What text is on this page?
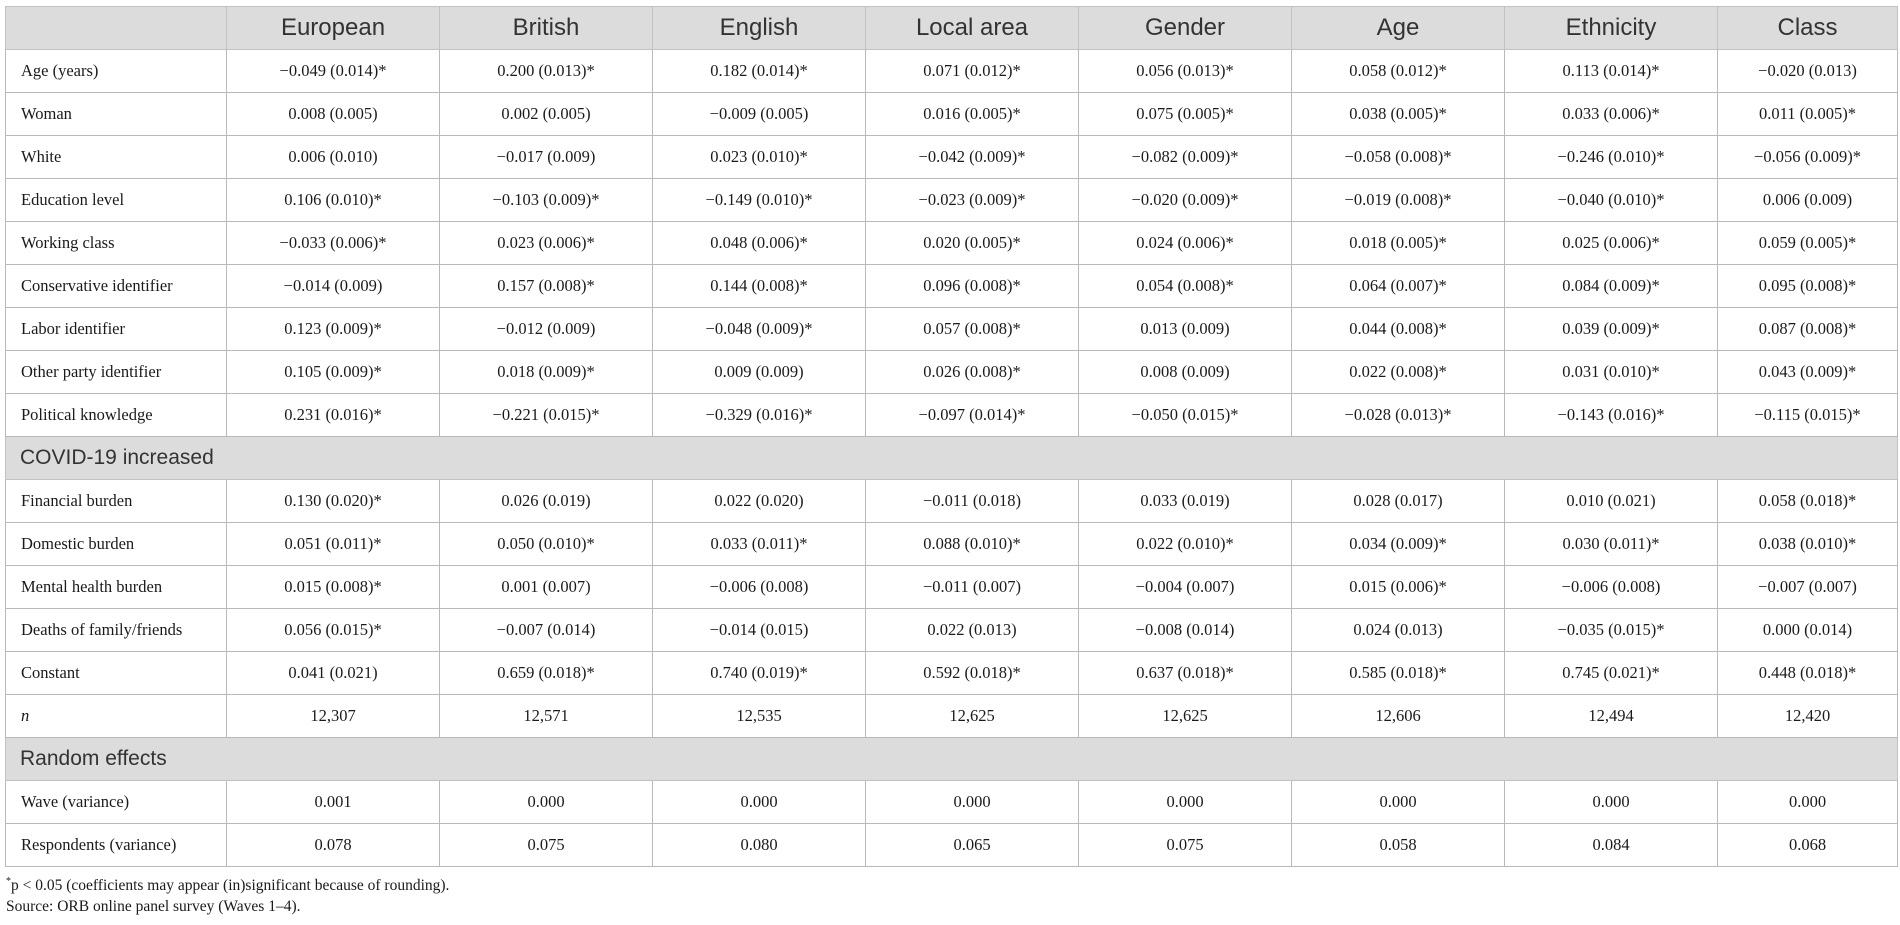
	European	British	English	Local area	Gender	Age	Ethnicity	Class
Age (years)	−0.049 (0.014)*	0.200 (0.013)*	0.182 (0.014)*	0.071 (0.012)*	0.056 (0.013)*	0.058 (0.012)*	0.113 (0.014)*	−0.020 (0.013)
Woman	0.008 (0.005)	0.002 (0.005)	−0.009 (0.005)	0.016 (0.005)*	0.075 (0.005)*	0.038 (0.005)*	0.033 (0.006)*	0.011 (0.005)*
White	0.006 (0.010)	−0.017 (0.009)	0.023 (0.010)*	−0.042 (0.009)*	−0.082 (0.009)*	−0.058 (0.008)*	−0.246 (0.010)*	−0.056 (0.009)*
Education level	0.106 (0.010)*	−0.103 (0.009)*	−0.149 (0.010)*	−0.023 (0.009)*	−0.020 (0.009)*	−0.019 (0.008)*	−0.040 (0.010)*	0.006 (0.009)
Working class	−0.033 (0.006)*	0.023 (0.006)*	0.048 (0.006)*	0.020 (0.005)*	0.024 (0.006)*	0.018 (0.005)*	0.025 (0.006)*	0.059 (0.005)*
Conservative identifier	−0.014 (0.009)	0.157 (0.008)*	0.144 (0.008)*	0.096 (0.008)*	0.054 (0.008)*	0.064 (0.007)*	0.084 (0.009)*	0.095 (0.008)*
Labor identifier	0.123 (0.009)*	−0.012 (0.009)	−0.048 (0.009)*	0.057 (0.008)*	0.013 (0.009)	0.044 (0.008)*	0.039 (0.009)*	0.087 (0.008)*
Other party identifier	0.105 (0.009)*	0.018 (0.009)*	0.009 (0.009)	0.026 (0.008)*	0.008 (0.009)	0.022 (0.008)*	0.031 (0.010)*	0.043 (0.009)*
Political knowledge	0.231 (0.016)*	−0.221 (0.015)*	−0.329 (0.016)*	−0.097 (0.014)*	−0.050 (0.015)*	−0.028 (0.013)*	−0.143 (0.016)*	−0.115 (0.015)*
COVID-19 increased								
Financial burden	0.130 (0.020)*	0.026 (0.019)	0.022 (0.020)	−0.011 (0.018)	0.033 (0.019)	0.028 (0.017)	0.010 (0.021)	0.058 (0.018)*
Domestic burden	0.051 (0.011)*	0.050 (0.010)*	0.033 (0.011)*	0.088 (0.010)*	0.022 (0.010)*	0.034 (0.009)*	0.030 (0.011)*	0.038 (0.010)*
Mental health burden	0.015 (0.008)*	0.001 (0.007)	−0.006 (0.008)	−0.011 (0.007)	−0.004 (0.007)	0.015 (0.006)*	−0.006 (0.008)	−0.007 (0.007)
Deaths of family/friends	0.056 (0.015)*	−0.007 (0.014)	−0.014 (0.015)	0.022 (0.013)	−0.008 (0.014)	0.024 (0.013)	−0.035 (0.015)*	0.000 (0.014)
Constant	0.041 (0.021)	0.659 (0.018)*	0.740 (0.019)*	0.592 (0.018)*	0.637 (0.018)*	0.585 (0.018)*	0.745 (0.021)*	0.448 (0.018)*
n	12,307	12,571	12,535	12,625	12,625	12,606	12,494	12,420
Random effects								
Wave (variance)	0.001	0.000	0.000	0.000	0.000	0.000	0.000	0.000
Respondents (variance)	0.078	0.075	0.080	0.065	0.075	0.058	0.084	0.068

*p < 0.05 (coefficients may appear (in)significant because of rounding).

Source: ORB online panel survey (Waves 1–4).
